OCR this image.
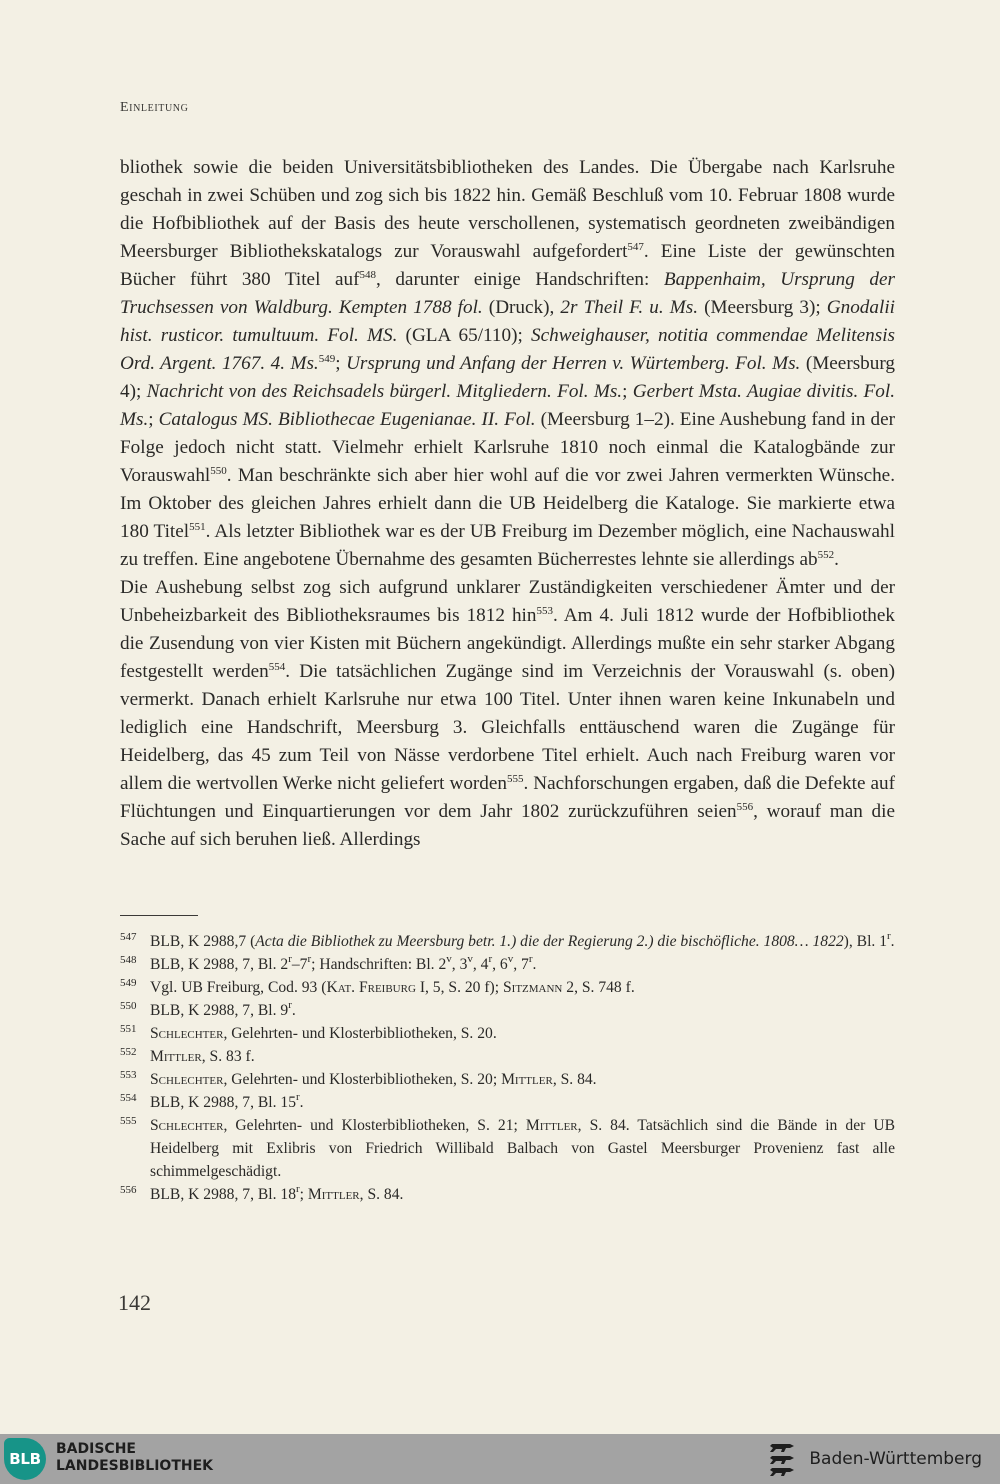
Einleitung

bliothek sowie die beiden Universitätsbibliotheken des Landes. Die Übergabe nach Karlsruhe geschah in zwei Schüben und zog sich bis 1822 hin. Gemäß Beschluß vom 10. Februar 1808 wurde die Hofbibliothek auf der Basis des heute verschollenen, systematisch geordneten zweibändigen Meersburger Bibliothekskatalogs zur Vorauswahl aufgefordert$^{547}$. Eine Liste der gewünschten Bücher führt 380 Titel auf$^{548}$, darunter einige Handschriften: Bappenhaim, Ursprung der Truchsessen von Waldburg. Kempten 1788 fol. (Druck), 2r Theil F. u. Ms. (Meersburg 3); Gnodalii hist. rusticor. tumultuum. Fol. MS. (GLA 65/110); Schweighauser, notitia commendae Melitensis Ord. Argent. 1767. 4. Ms.$^{549}$; Ursprung und Anfang der Herren v. Würtemberg. Fol. Ms. (Meersburg 4); Nachricht von des Reichsadels bürgerl. Mitgliedern. Fol. Ms.; Gerbert Msta. Augiae divitis. Fol. Ms.; Catalogus MS. Bibliothecae Eugenianae. II. Fol. (Meersburg 1–2). Eine Aushebung fand in der Folge jedoch nicht statt. Vielmehr erhielt Karlsruhe 1810 noch einmal die Katalogbände zur Vorauswahl$^{550}$. Man beschränkte sich aber hier wohl auf die vor zwei Jahren vermerkten Wünsche. Im Oktober des gleichen Jahres erhielt dann die UB Heidelberg die Kataloge. Sie markierte etwa 180 Titel$^{551}$. Als letzter Bibliothek war es der UB Freiburg im Dezember möglich, eine Nachauswahl zu treffen. Eine angebotene Übernahme des gesamten Bücherrestes lehnte sie allerdings $ab^{552}$.

Die Aushebung selbst zog sich aufgrund unklarer Zuständigkeiten verschiedener Ämter und der Unbeheizbarkeit des Bibliotheksraumes bis 1812 hin$^{553}$. Am 4. Juli 1812 wurde der Hofbibliothek die Zusendung von vier Kisten mit Büchern angekündigt. Allerdings mußte ein sehr starker Abgang festgestellt werden$^{554}$. Die tatsächlichen Zugänge sind im Verzeichnis der Vorauswahl (s. oben) vermerkt. Danach erhielt Karlsruhe nur etwa 100 Titel. Unter ihnen waren keine Inkunabeln und lediglich eine Handschrift, Meersburg 3. Gleichfalls enttäuschend waren die Zugänge für Heidelberg, das 45 zum Teil von Nässe verdorbene Titel erhielt. Auch nach Freiburg waren vor allem die wertvollen Werke nicht geliefert worden$^{555}$. Nachforschungen ergaben, daß die Defekte auf Flüchtungen und Einquartierungen vor dem Jahr 1802 zurückzuführen seien$^{556}$, worauf man die Sache auf sich beruhen ließ. Allerdings

547 BLB, K 2988,7 (Acta die Bibliothek zu Meersburg betr. 1.) die der Regierung 2.) die bischöfliche. 1808… 1822), Bl. 1$^r$.
548 BLB, K 2988, 7, Bl. 2$^r$–7$^r$; Handschriften: Bl. 2$^v$, 3$^v$, 4$^r$, 6$^v$, 7$^r$.
549 Vgl. UB Freiburg, Cod. 93 (Kat. Freiburg I, 5, S. 20 f); Sitzmann 2, S. 748 f.
550 BLB, K 2988, 7, Bl. 9$^r$.
551 Schlechter, Gelehrten- und Klosterbibliotheken, S. 20.
552 Mittler, S. 83 f.
553 Schlechter, Gelehrten- und Klosterbibliotheken, S. 20; Mittler, S. 84.
554 BLB, K 2988, 7, Bl. 15$^r$.
555 Schlechter, Gelehrten- und Klosterbibliotheken, S. 21; Mittler, S. 84. Tatsächlich sind die Bände in der UB Heidelberg mit Exlibris von Friedrich Willibald Balbach von Gastel Meersburger Provenienz fast alle schimmelgeschädigt.
556 BLB, K 2988, 7, Bl. 18$^r$; Mittler, S. 84.
142
BLB
BADISCHE
LANDESBIBLIOTHEK	Baden-Württemberg
